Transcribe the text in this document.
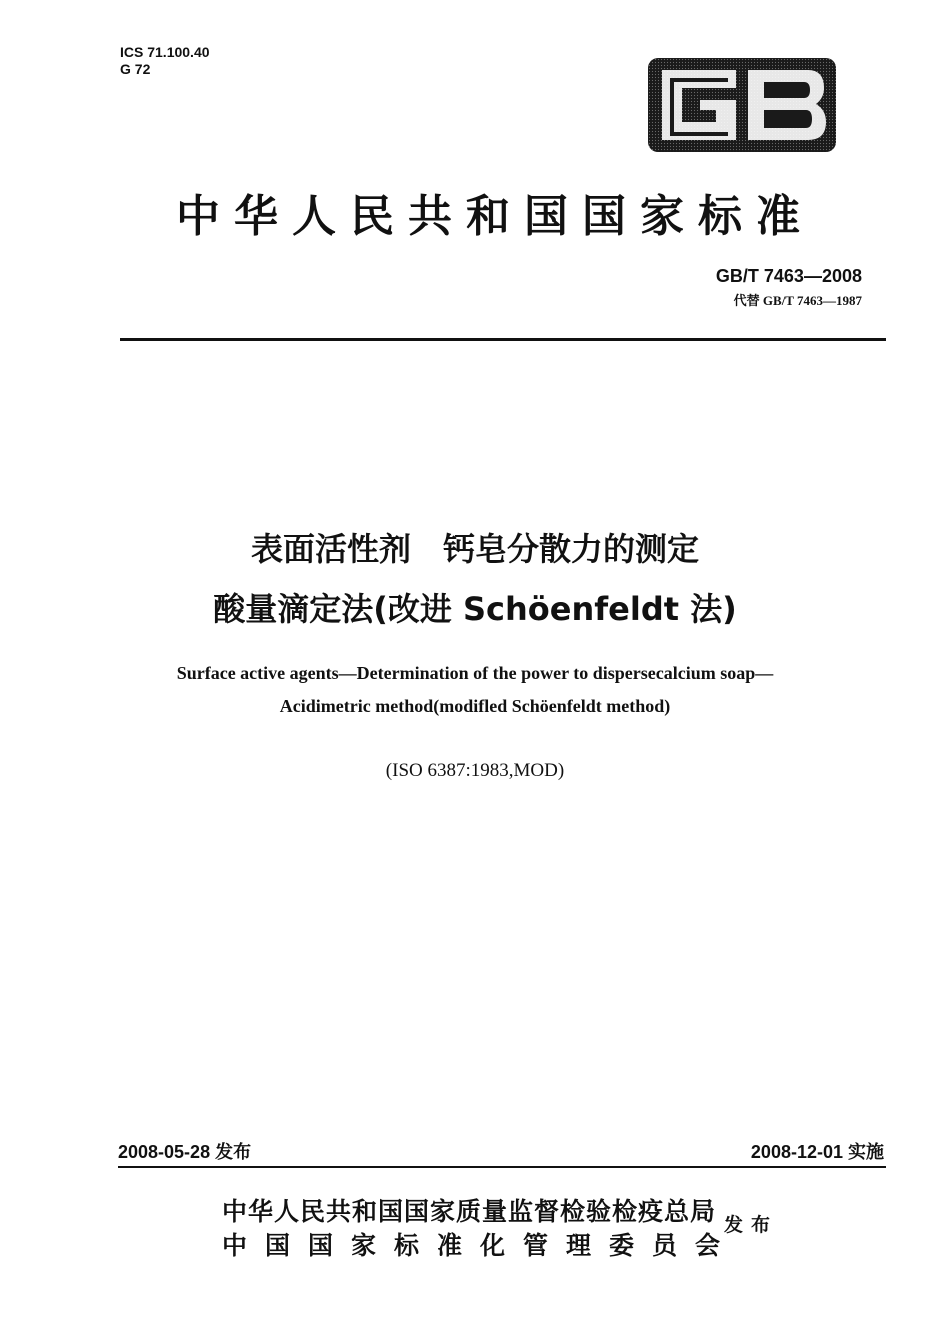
ICS 71.100.40
G 72
中华人民共和国国家标准
GB/T 7463—2008
代替 GB/T 7463—1987
表面活性剂　钙皂分散力的测定
酸量滴定法(改进 Schöenfeldt 法)
Surface active agents—Determination of the power to dispersecalcium soap—
Acidimetric method(modifled Schöenfeldt method)
(ISO 6387:1983,MOD)
2008-05-28 发布	2008-12-01 实施
中华人民共和国国家质量监督检验检疫总局
中国国家标准化管理委员会
发布
